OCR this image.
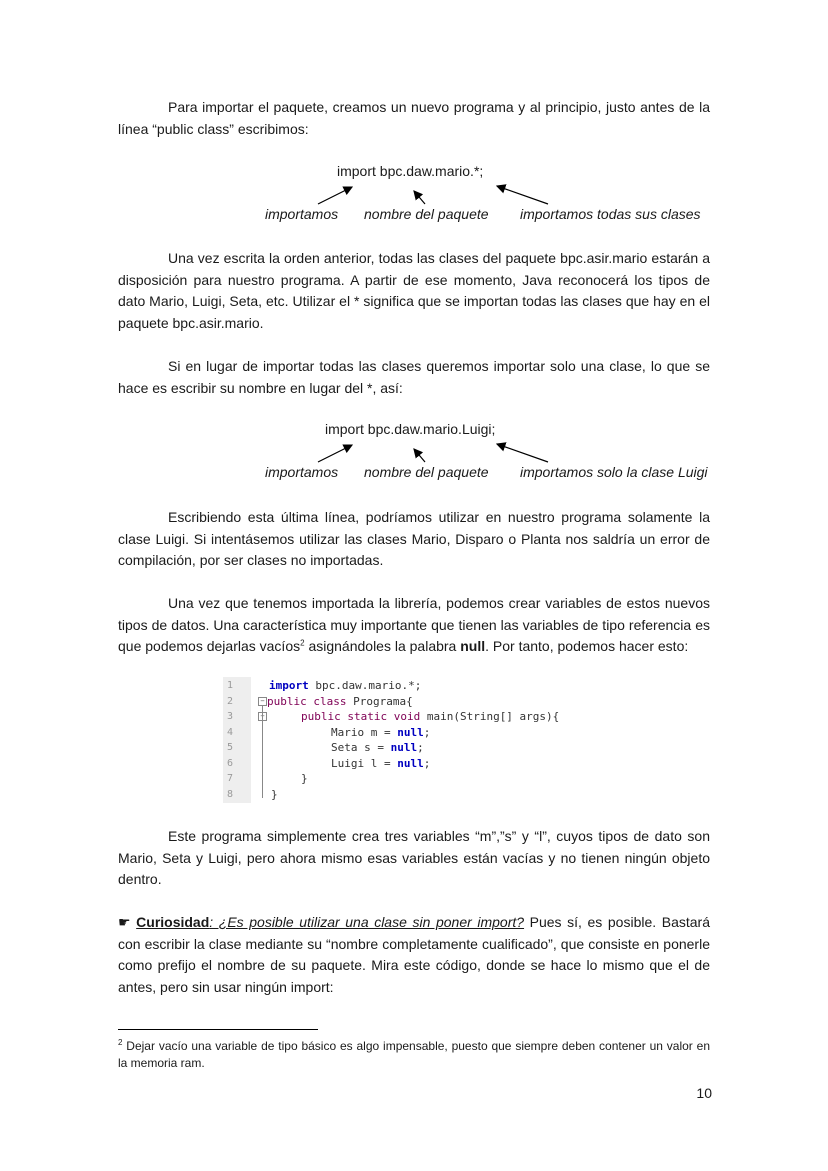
Para importar el paquete, creamos un nuevo programa y al principio, justo antes de la línea “public class” escribimos:

import bpc.daw.mario.*;
importamos nombre del paquete importamos todas sus clases

Una vez escrita la orden anterior, todas las clases del paquete bpc.asir.mario estarán a disposición para nuestro programa. A partir de ese momento, Java reconocerá los tipos de dato Mario, Luigi, Seta, etc. Utilizar el * significa que se importan todas las clases que hay en el paquete bpc.asir.mario.

Si en lugar de importar todas las clases queremos importar solo una clase, lo que se hace es escribir su nombre en lugar del *, así:

import bpc.daw.mario.Luigi;
importamos nombre del paquete importamos solo la clase Luigi

Escribiendo esta última línea, podríamos utilizar en nuestro programa solamente la clase Luigi. Si intentásemos utilizar las clases Mario, Disparo o Planta nos saldría un error de compilación, por ser clases no importadas.

Una vez que tenemos importada la librería, podemos crear variables de estos nuevos tipos de datos. Una característica muy importante que tienen las variables de tipo referencia es que podemos dejarlas vacíos$^2$ asignándoles la palabra null. Por tanto, podemos hacer esto:

1
2
3
4
5
6
7
8
−
−
import bpc.daw.mario.*;
public class Programa{
public static void main(String[] args){
Mario m = null;
Seta s = null;
Luigi l = null;
}
}

Este programa simplemente crea tres variables “m”,”s” y “l”, cuyos tipos de dato son Mario, Seta y Luigi, pero ahora mismo esas variables están vacías y no tienen ningún objeto dentro.

☛ Curiosidad: ¿Es posible utilizar una clase sin poner import? Pues sí, es posible. Bastará con escribir la clase mediante su “nombre completamente cualificado”, que consiste en ponerle como prefijo el nombre de su paquete. Mira este código, donde se hace lo mismo que el de antes, pero sin usar ningún import:

$^2$ Dejar vacío una variable de tipo básico es algo impensable, puesto que siempre deben contener un valor en la memoria ram.

10
